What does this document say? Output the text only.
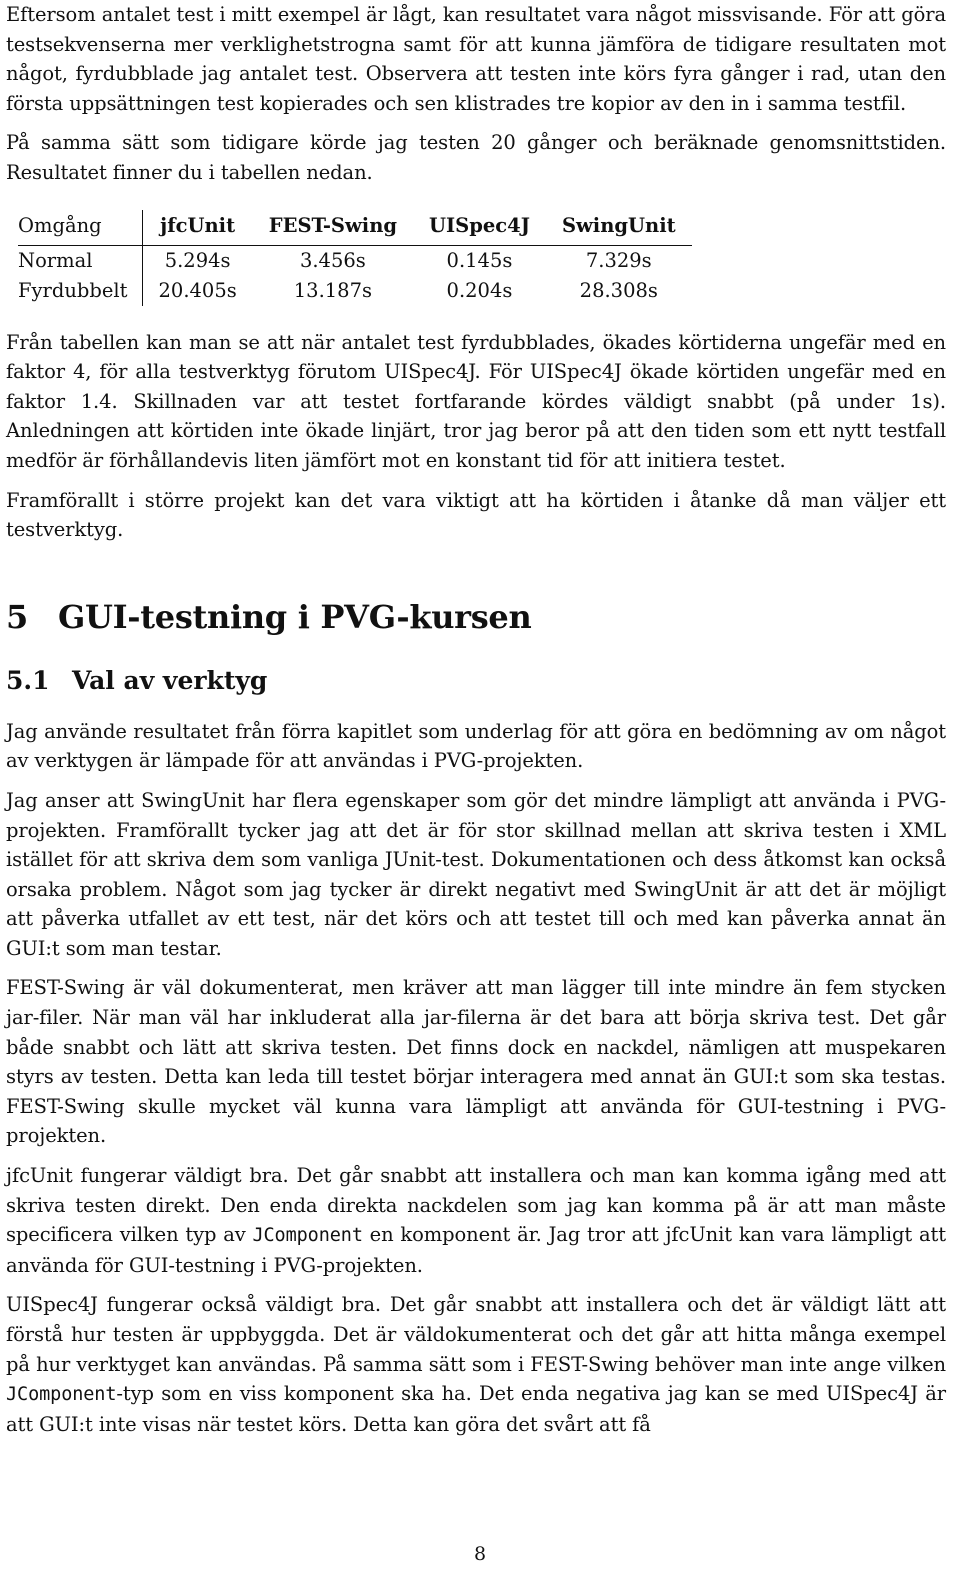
Eftersom antalet test i mitt exempel är lågt, kan resultatet vara något missvisande. För att göra testsekvenserna mer verklighetstrogna samt för att kunna jämföra de tidigare resultaten mot något, fyrdubblade jag antalet test. Observera att testen inte körs fyra gånger i rad, utan den första uppsättningen test kopierades och sen klistrades tre kopior av den in i samma testfil.

På samma sätt som tidigare körde jag testen 20 gånger och beräknade genomsnittstiden. Resultatet finner du i tabellen nedan.

Omgång	jfcUnit	FEST-Swing	UISpec4J	SwingUnit
Normal	5.294s	3.456s	0.145s	7.329s
Fyrdubbelt	20.405s	13.187s	0.204s	28.308s

Från tabellen kan man se att när antalet test fyrdubblades, ökades körtiderna ungefär med en faktor 4, för alla testverktyg förutom UISpec4J. För UISpec4J ökade körtiden ungefär med en faktor 1.4. Skillnaden var att testet fortfarande kördes väldigt snabbt (på under 1s). Anledningen att körtiden inte ökade linjärt, tror jag beror på att den tiden som ett nytt testfall medför är förhållandevis liten jämfört mot en konstant tid för att initiera testet.

Framförallt i större projekt kan det vara viktigt att ha körtiden i åtanke då man väljer ett testverktyg.

5 GUI-testning i PVG-kursen
5.1 Val av verktyg

Jag använde resultatet från förra kapitlet som underlag för att göra en bedömning av om något av verktygen är lämpade för att användas i PVG-projekten.

Jag anser att SwingUnit har flera egenskaper som gör det mindre lämpligt att använda i PVG-projekten. Framförallt tycker jag att det är för stor skillnad mellan att skriva testen i XML istället för att skriva dem som vanliga JUnit-test. Dokumentationen och dess åtkomst kan också orsaka problem. Något som jag tycker är direkt negativt med SwingUnit är att det är möjligt att påverka utfallet av ett test, när det körs och att testet till och med kan påverka annat än GUI:t som man testar.

FEST-Swing är väl dokumenterat, men kräver att man lägger till inte mindre än fem stycken jar-filer. När man väl har inkluderat alla jar-filerna är det bara att börja skriva test. Det går både snabbt och lätt att skriva testen. Det finns dock en nackdel, nämligen att muspekaren styrs av testen. Detta kan leda till testet börjar interagera med annat än GUI:t som ska testas. FEST-Swing skulle mycket väl kunna vara lämpligt att använda för GUI-testning i PVG-projekten.

jfcUnit fungerar väldigt bra. Det går snabbt att installera och man kan komma igång med att skriva testen direkt. Den enda direkta nackdelen som jag kan komma på är att man måste specificera vilken typ av JComponent en komponent är. Jag tror att jfcUnit kan vara lämpligt att använda för GUI-testning i PVG-projekten.

UISpec4J fungerar också väldigt bra. Det går snabbt att installera och det är väldigt lätt att förstå hur testen är uppbyggda. Det är väldokumenterat och det går att hitta många exempel på hur verktyget kan användas. På samma sätt som i FEST-Swing behöver man inte ange vilken JComponent-typ som en viss komponent ska ha. Det enda negativa jag kan se med UISpec4J är att GUI:t inte visas när testet körs. Detta kan göra det svårt att få

8
